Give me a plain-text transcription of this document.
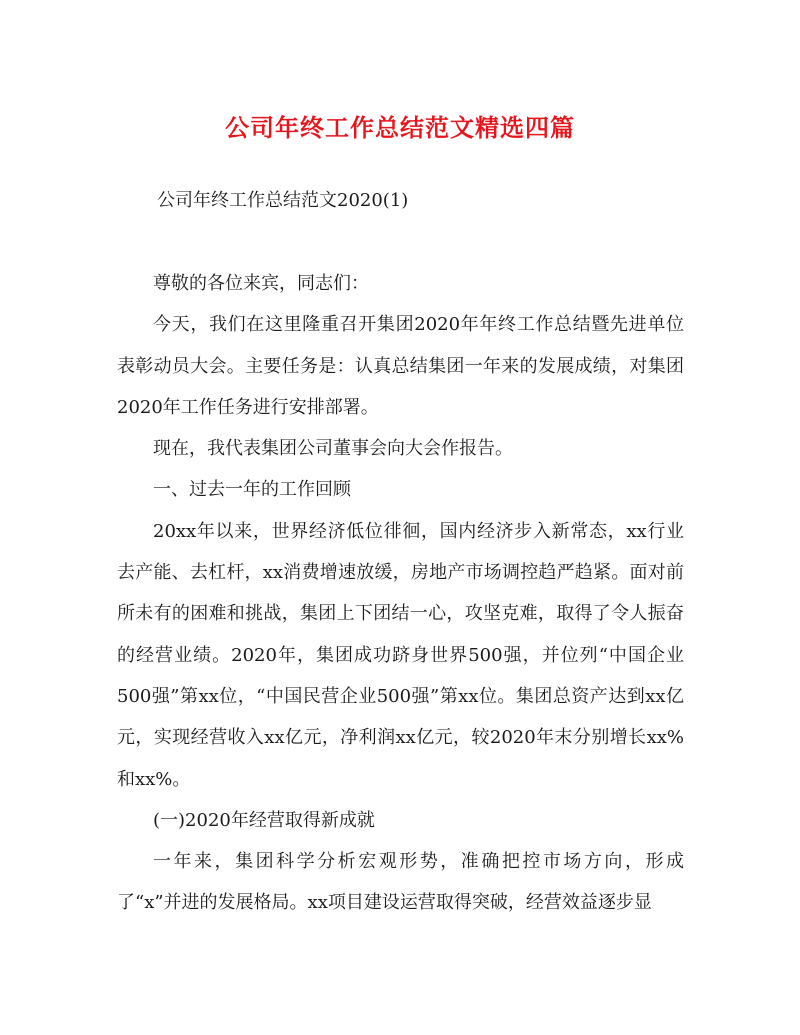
公司年终工作总结范文精选四篇
公司年终工作总结范文2020(1)

尊敬的各位来宾，同志们：

今天，我们在这里隆重召开集团2020年年终工作总结暨先进单位表彰动员大会。主要任务是：认真总结集团一年来的发展成绩，对集团2020年工作任务进行安排部署。

现在，我代表集团公司董事会向大会作报告。

一、过去一年的工作回顾

20xx年以来，世界经济低位徘徊，国内经济步入新常态，xx行业去产能、去杠杆，xx消费增速放缓，房地产市场调控趋严趋紧。面对前所未有的困难和挑战，集团上下团结一心，攻坚克难，取得了令人振奋的经营业绩。2020年，集团成功跻身世界500强，并位列“中国企业500强”第xx位，“中国民营企业500强”第xx位。集团总资产达到xx亿元，实现经营收入xx亿元，净利润xx亿元，较2020年末分别增长xx%和xx%。

(一)2020年经营取得新成就

一年来，集团科学分析宏观形势，准确把控市场方向，形成了“x”并进的发展格局。xx项目建设运营取得突破，经营效益逐步显
